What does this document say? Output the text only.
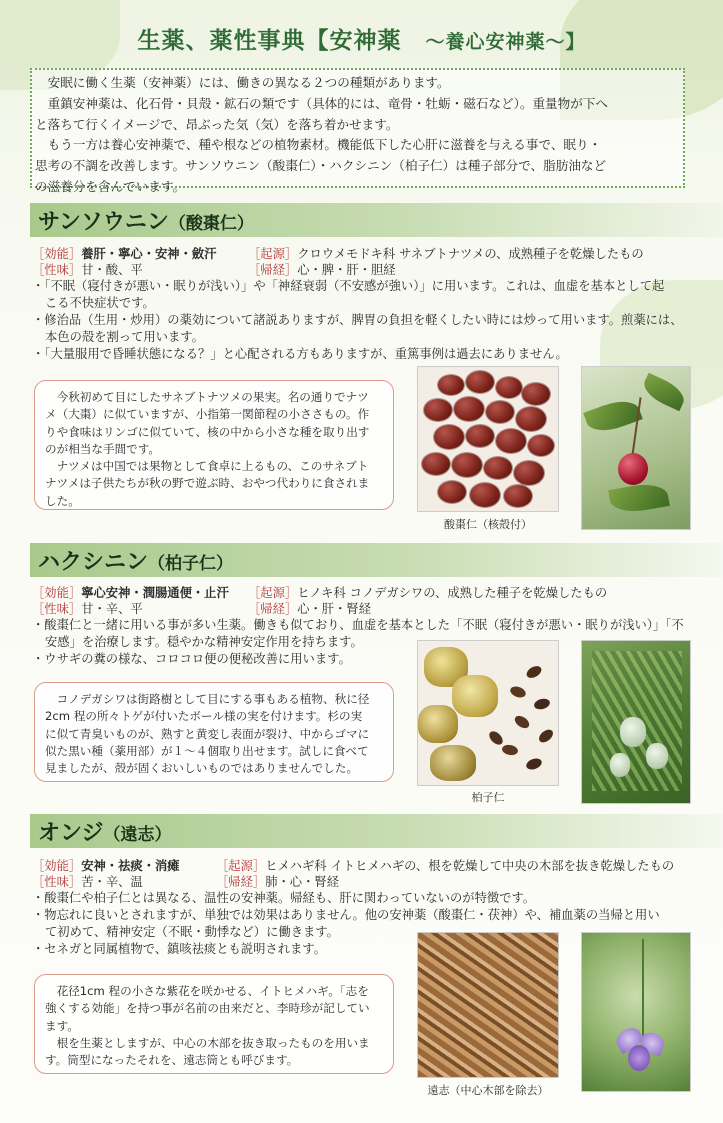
生薬、薬性事典【安神薬　 ～養心安神薬～】

安眠に働く生薬（安神薬）には、働きの異なる２つの種類があります。

重鎮安神薬は、化石骨・貝殻・鉱石の類です（具体的には、竜骨・牡蛎・磁石など）。重量物が下へ

と落ちて行くイメージで、昂ぶった気（気）を落ち着かせます。

もう一方は養心安神薬で、種や根などの植物素材。機能低下した心肝に滋養を与える事で、眠り・

思考の不調を改善します。サンソウニン（酸棗仁）・ハクシニン（柏子仁）は種子部分で、脂肪油など

の滋養分を含んでいます。

サンソウニン（酸棗仁）
［効能］養肝・寧心・安神・斂汗	［起源］クロウメモドキ科 サネブトナツメの、成熟種子を乾燥したもの
［性味］甘・酸、平	［帰経］心・脾・肝・胆経
・「不眠（寝付きが悪い・眠りが浅い）」や「神経衰弱（不安感が強い）」に用います。これは、血虚を基本として起
こる不快症状です。
・修治品（生用・炒用）の薬効について諸説ありますが、脾胃の負担を軽くしたい時には炒って用います。煎薬には、
本色の殻を割って用います。
・「大量服用で昏睡状態になる？」と心配される方もありますが、重篤事例は過去にありません。

今秋初めて目にしたサネブトナツメの果実。名の通りでナツ

メ（大棗）に似ていますが、小指第一関節程の小ささもの。作

りや食味はリンゴに似ていて、核の中から小さな種を取り出す

のが相当な手間です。

ナツメは中国では果物として食卓に上るもの、このサネブト

ナツメは子供たちが秋の野で遊ぶ時、おやつ代わりに食されま

した。

酸棗仁（核殻付）
ハクシニン（柏子仁）
［効能］寧心安神・潤腸通便・止汗 ［起源］ヒノキ科 コノデガシワの、成熟した種子を乾燥したもの
［性味］甘・辛、平	［帰経］心・肝・腎経
・酸棗仁と一緒に用いる事が多い生薬。働きも似ており、血虚を基本とした「不眠（寝付きが悪い・眠りが浅い）」「不
安感」を治療します。穏やかな精神安定作用を持ちます。
・ウサギの糞の様な、コロコロ便の便秘改善に用います。

コノデガシワは街路樹として目にする事もある植物、秋に径

2cm 程の所々トゲが付いたボール様の実を付けます。杉の実

に似て青臭いものが、熟すと黄変し表面が裂け、中からゴマに

似た黒い種（薬用部）が１～４個取り出せます。試しに食べて

見ましたが、殻が固くおいしいものではありませんでした。

柏子仁
オンジ（遠志）
［効能］安神・祛痰・消瘫	［起源］ヒメハギ科 イトヒメハギの、根を乾燥して中央の木部を抜き乾燥したもの
［性味］苦・辛、温	［帰経］肺・心・腎経
・酸棗仁や柏子仁とは異なる、温性の安神薬。帰経も、肝に関わっていないのが特徴です。
・物忘れに良いとされますが、単独では効果はありません。他の安神薬（酸棗仁・茯神）や、補血薬の当帰と用い
て初めて、精神安定（不眠・動悸など）に働きます。
・セネガと同属植物で、鎮咳祛痰とも説明されます。

花径1cm 程の小さな紫花を咲かせる、イトヒメハギ。「志を

強くする効能」を持つ事が名前の由来だと、李時珍が記してい

ます。

根を生薬としますが、中心の木部を抜き取ったものを用いま

す。筒型になったそれを、遠志筒とも呼びます。

遠志（中心木部を除去）
